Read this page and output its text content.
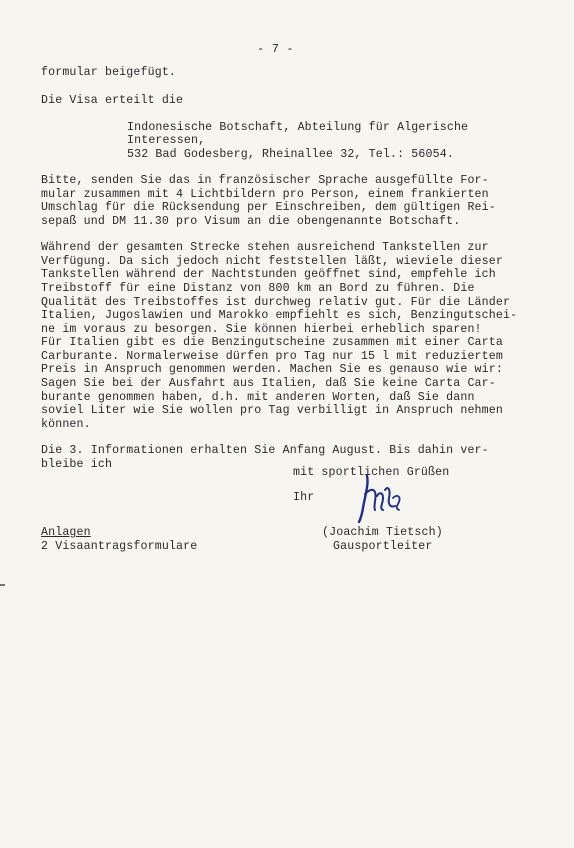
- 7 -
formular beigefügt.
Die Visa erteilt die
Indonesische Botschaft, Abteilung für Algerische
Interessen,
532 Bad Godesberg, Rheinallee 32, Tel.: 56054.
Bitte, senden Sie das in französischer Sprache ausgefüllte For-
mular zusammen mit 4 Lichtbildern pro Person, einem frankierten
Umschlag für die Rücksendung per Einschreiben, dem gültigen Rei-
sepaß und DM 11.30 pro Visum an die obengenannte Botschaft.
Während der gesamten Strecke stehen ausreichend Tankstellen zur
Verfügung. Da sich jedoch nicht feststellen läßt, wieviele dieser
Tankstellen während der Nachtstunden geöffnet sind, empfehle ich
Treibstoff für eine Distanz von 800 km an Bord zu führen. Die
Qualität des Treibstoffes ist durchweg relativ gut. Für die Länder
Italien, Jugoslawien und Marokko empfiehlt es sich, Benzingutschei-
ne im voraus zu besorgen. Sie können hierbei erheblich sparen!
Für Italien gibt es die Benzingutscheine zusammen mit einer Carta
Carburante. Normalerweise dürfen pro Tag nur 15 l mit reduziertem
Preis in Anspruch genommen werden. Machen Sie es genauso wie wir:
Sagen Sie bei der Ausfahrt aus Italien, daß Sie keine Carta Car-
burante genommen haben, d.h. mit anderen Worten, daß Sie dann
soviel Liter wie Sie wollen pro Tag verbilligt in Anspruch nehmen
können.
Die 3. Informationen erhalten Sie Anfang August. Bis dahin ver-
bleibe ich
mit sportlichen Grüßen
Ihr
Anlagen
2 Visaantragsformulare
(Joachim Tietsch)
Gausportleiter
